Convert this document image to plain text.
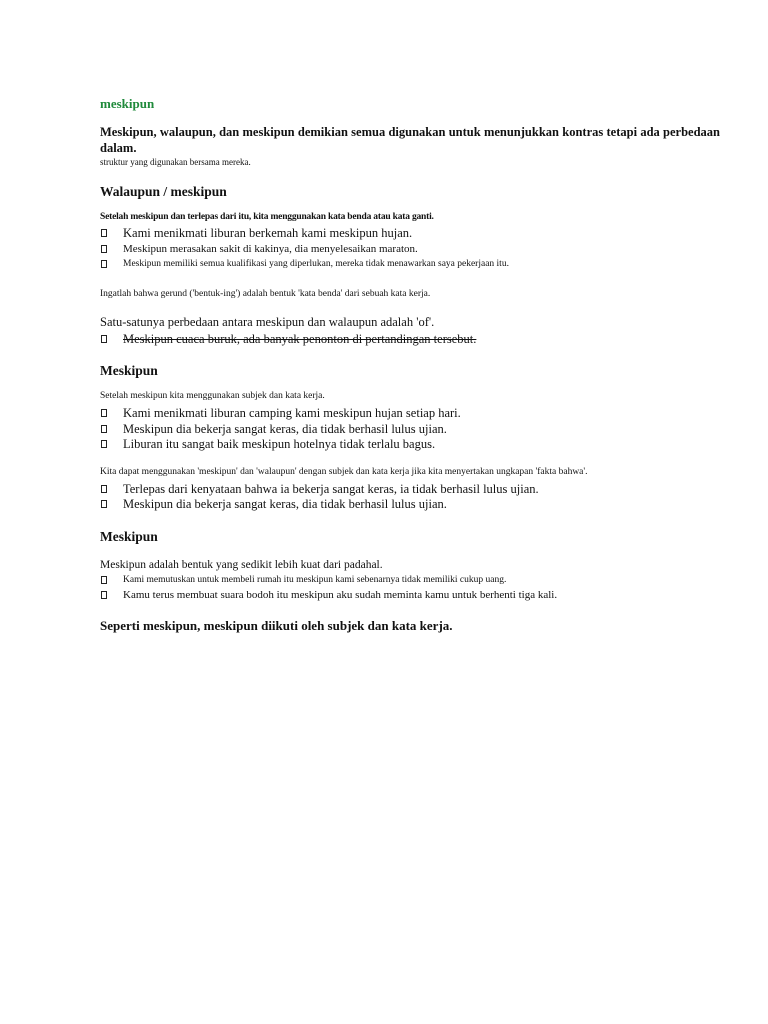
meskipun

Meskipun, walaupun, dan meskipun demikian semua digunakan untuk menunjukkan kontras tetapi ada perbedaan dalam.

struktur yang digunakan bersama mereka.

Walaupun / meskipun

Setelah meskipun dan terlepas dari itu, kita menggunakan kata benda atau kata ganti.

Kami menikmati liburan berkemah kami meskipun hujan.
Meskipun merasakan sakit di kakinya, dia menyelesaikan maraton.
Meskipun memiliki semua kualifikasi yang diperlukan, mereka tidak menawarkan saya pekerjaan itu.

Ingatlah bahwa gerund ('bentuk-ing') adalah bentuk 'kata benda' dari sebuah kata kerja.

Satu-satunya perbedaan antara meskipun dan walaupun adalah 'of'.

Meskipun cuaca buruk, ada banyak penonton di pertandingan tersebut.

Meskipun

Setelah meskipun kita menggunakan subjek dan kata kerja.

Kami menikmati liburan camping kami meskipun hujan setiap hari.
Meskipun dia bekerja sangat keras, dia tidak berhasil lulus ujian.
Liburan itu sangat baik meskipun hotelnya tidak terlalu bagus.

Kita dapat menggunakan 'meskipun' dan 'walaupun' dengan subjek dan kata kerja jika kita menyertakan ungkapan 'fakta bahwa'.

Terlepas dari kenyataan bahwa ia bekerja sangat keras, ia tidak berhasil lulus ujian.
Meskipun dia bekerja sangat keras, dia tidak berhasil lulus ujian.

Meskipun

Meskipun adalah bentuk yang sedikit lebih kuat dari padahal.

Kami memutuskan untuk membeli rumah itu meskipun kami sebenarnya tidak memiliki cukup uang.
Kamu terus membuat suara bodoh itu meskipun aku sudah meminta kamu untuk berhenti tiga kali.

Seperti meskipun, meskipun diikuti oleh subjek dan kata kerja.
